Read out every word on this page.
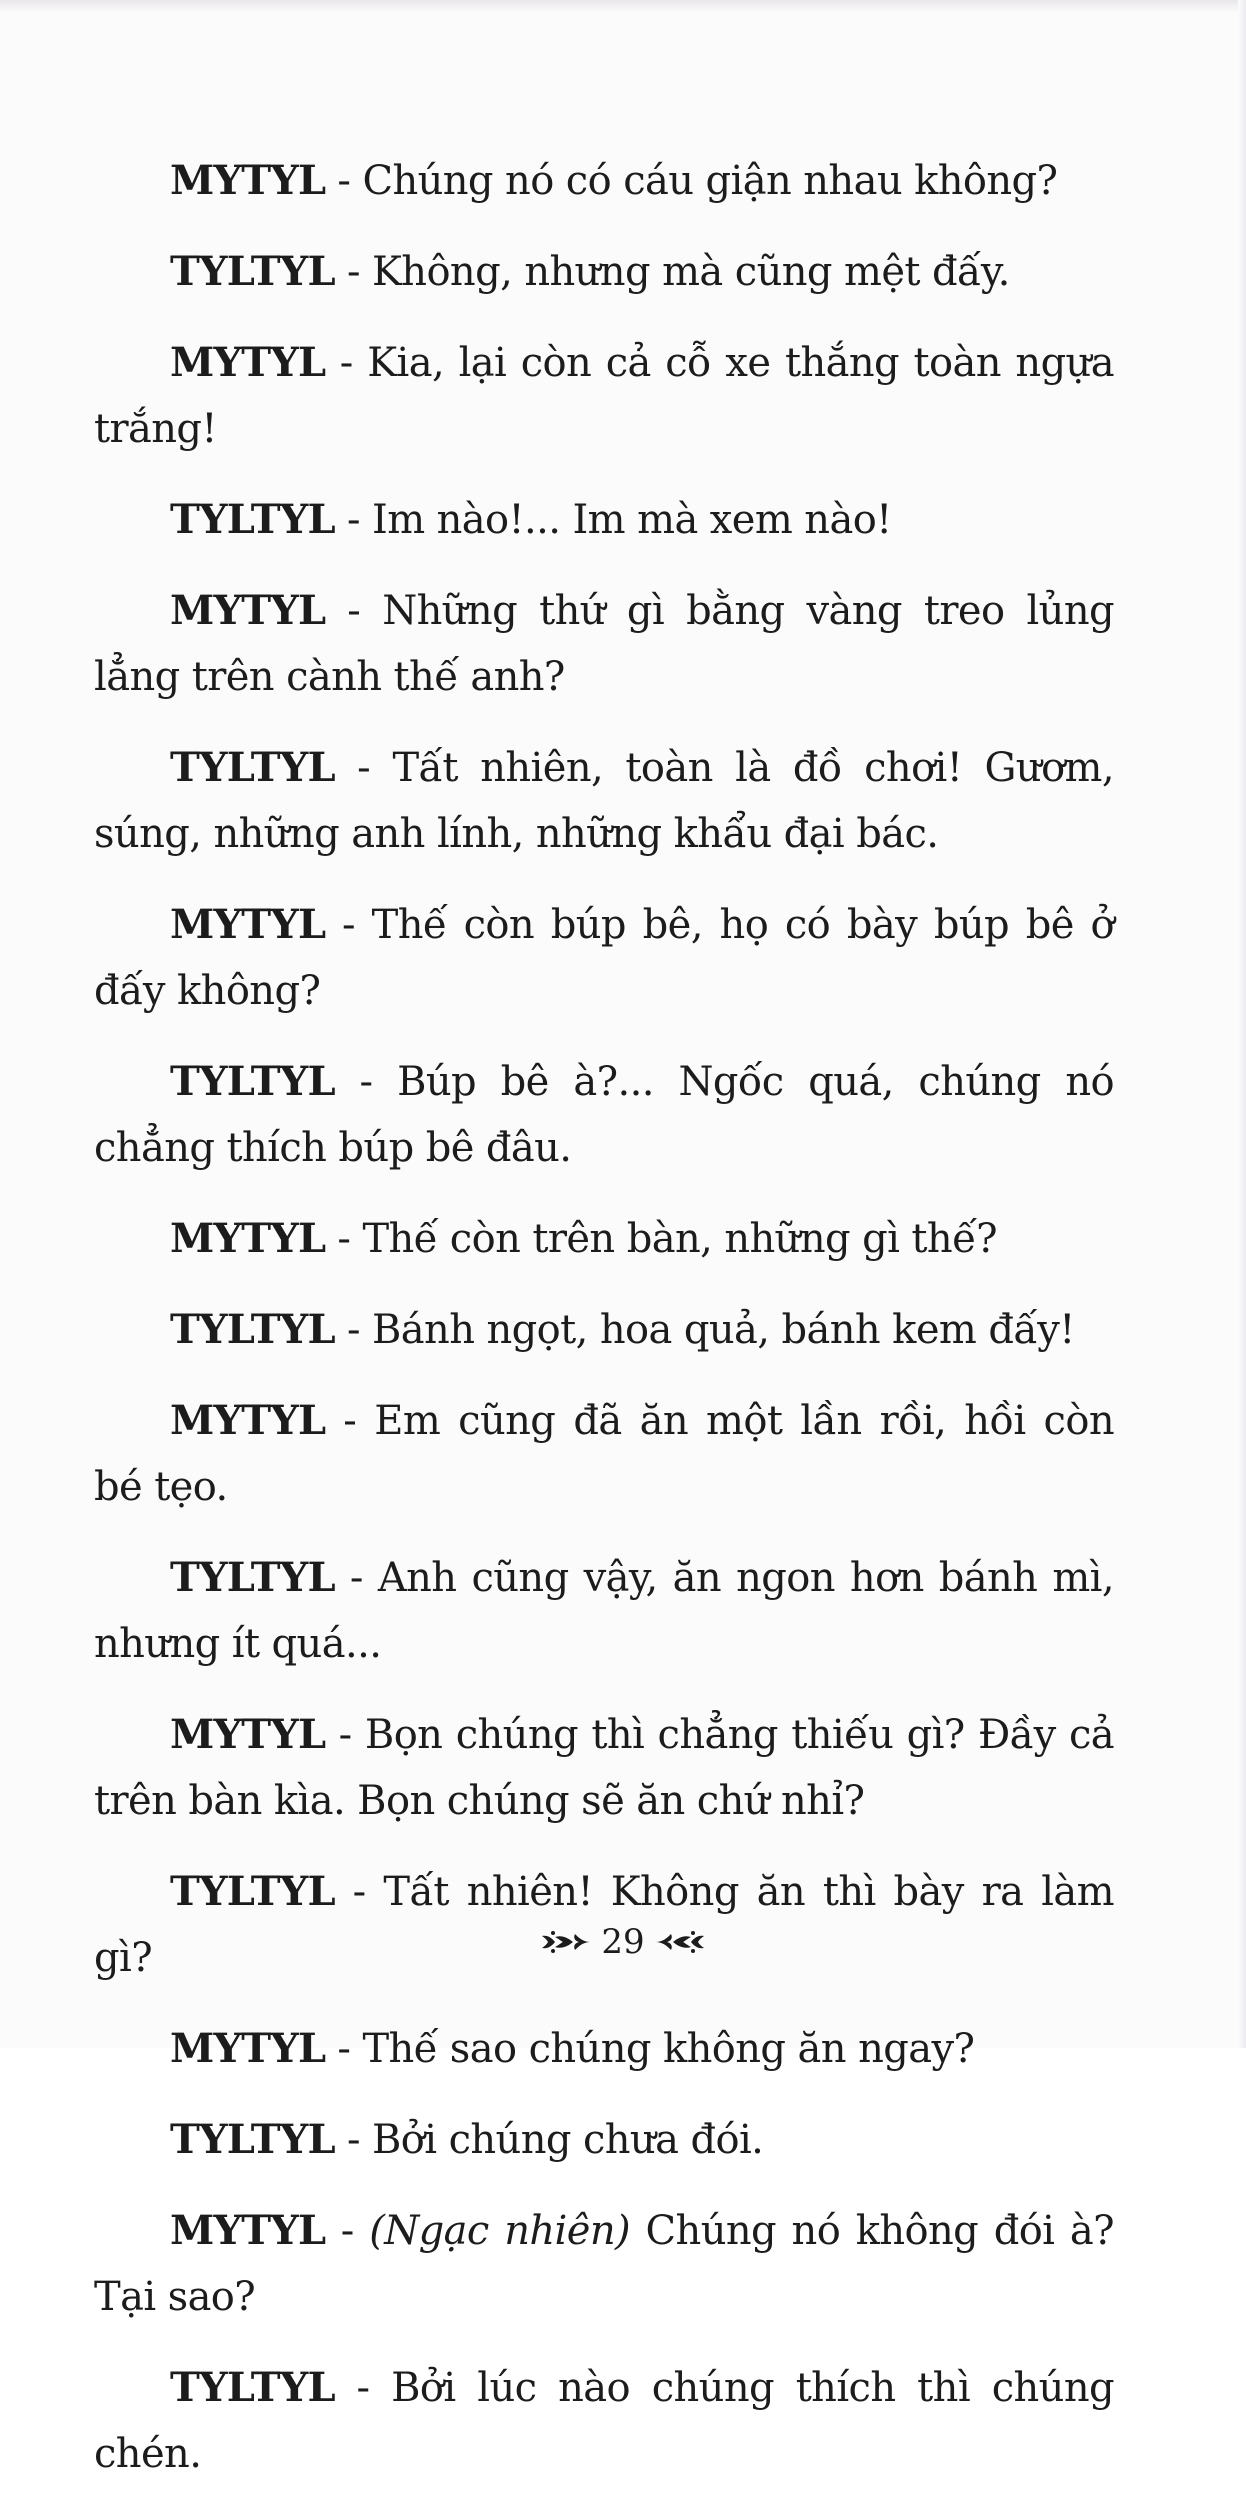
MYTYL - Chúng nó có cáu giận nhau không?

TYLTYL - Không, nhưng mà cũng mệt đấy.

MYTYL - Kia, lại còn cả cỗ xe thắng toàn ngựa trắng!

TYLTYL - Im nào!... Im mà xem nào!

MYTYL - Những thứ gì bằng vàng treo lủng lẳng trên cành thế anh?

TYLTYL - Tất nhiên, toàn là đồ chơi! Gươm, súng, những anh lính, những khẩu đại bác.

MYTYL - Thế còn búp bê, họ có bày búp bê ở đấy không?

TYLTYL - Búp bê à?... Ngốc quá, chúng nó chẳng thích búp bê đâu.

MYTYL - Thế còn trên bàn, những gì thế?

TYLTYL - Bánh ngọt, hoa quả, bánh kem đấy!

MYTYL - Em cũng đã ăn một lần rồi, hồi còn bé tẹo.

TYLTYL - Anh cũng vậy, ăn ngon hơn bánh mì, nhưng ít quá...

MYTYL - Bọn chúng thì chẳng thiếu gì? Đầy cả trên bàn kìa. Bọn chúng sẽ ăn chứ nhỉ?

TYLTYL - Tất nhiên! Không ăn thì bày ra làm gì?

MYTYL - Thế sao chúng không ăn ngay?

TYLTYL - Bởi chúng chưa đói.

MYTYL - (Ngạc nhiên) Chúng nó không đói à? Tại sao?

TYLTYL - Bởi lúc nào chúng thích thì chúng chén.

29
